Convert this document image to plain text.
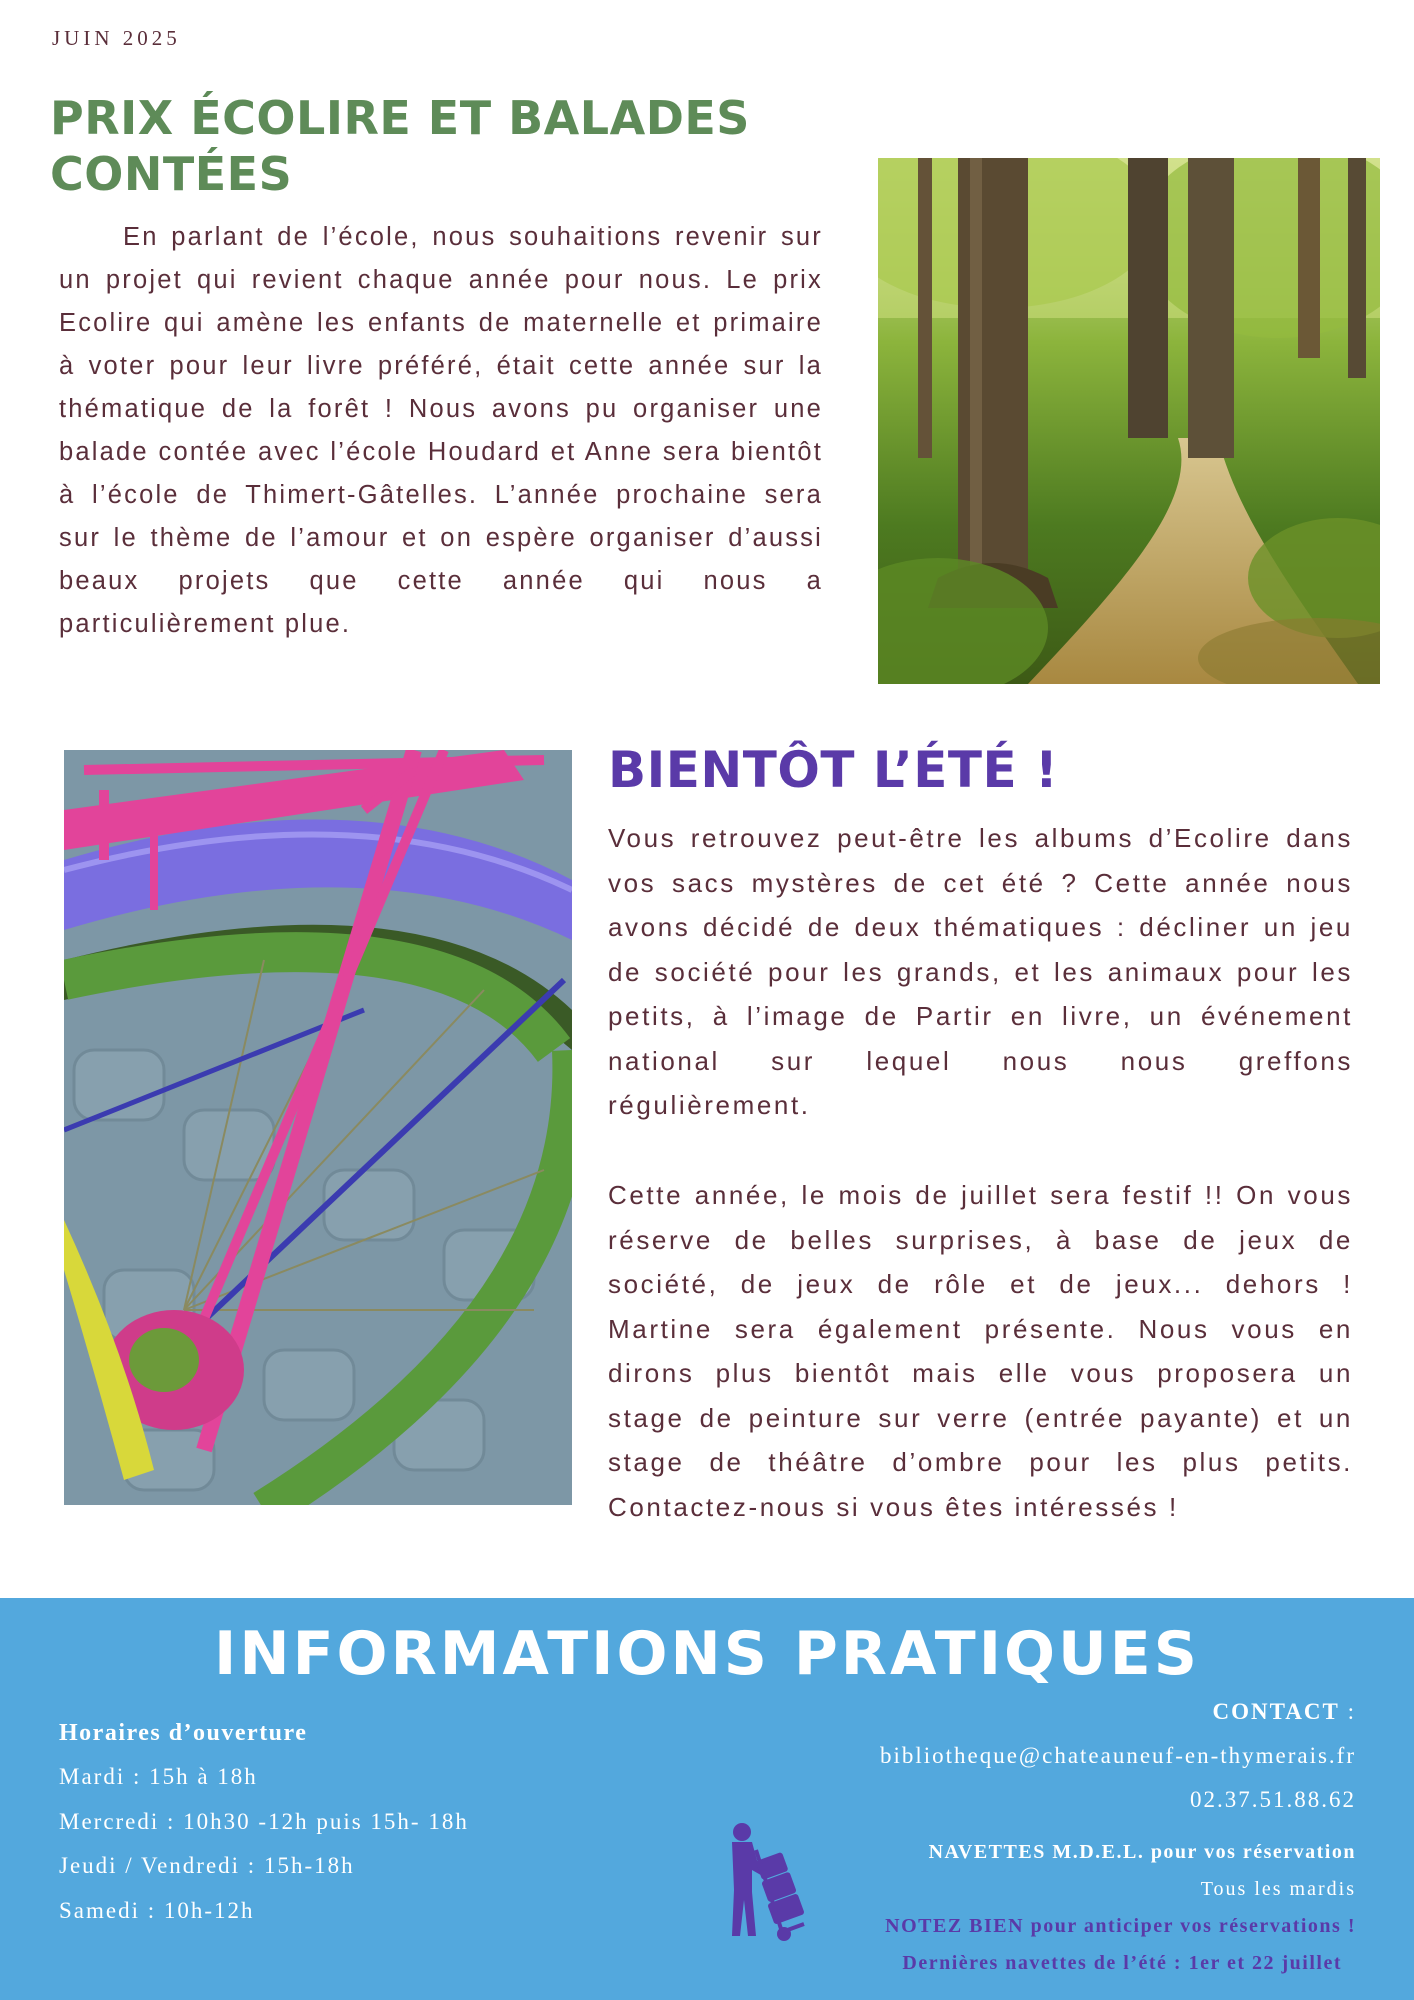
JUIN 2025
PRIX ÉCOLIRE ET BALADES
CONTÉES

En parlant de l’école, nous souhaitions revenir sur un projet qui revient chaque année pour nous. Le prix Ecolire qui amène les enfants de maternelle et primaire à voter pour leur livre préféré, était cette année sur la thématique de la forêt ! Nous avons pu organiser une balade contée avec l’école Houdard et Anne sera bientôt à l’école de Thimert-Gâtelles. L’année prochaine sera sur le thème de l’amour et on espère organiser d’aussi beaux projets que cette année qui nous a particulièrement plue.

BIENTÔT L’ÉTÉ !

Vous retrouvez peut-être les albums d’Ecolire dans vos sacs mystères de cet été ? Cette année nous avons décidé de deux thématiques : décliner un jeu de société pour les grands, et les animaux pour les petits, à l’image de Partir en livre, un événement national sur lequel nous nous greffons régulièrement.

Cette année, le mois de juillet sera festif !! On vous réserve de belles surprises, à base de jeux de société, de jeux de rôle et de jeux... dehors ! Martine sera également présente. Nous vous en dirons plus bientôt mais elle vous proposera un stage de peinture sur verre (entrée payante) et un stage de théâtre d’ombre pour les plus petits. Contactez-nous si vous êtes intéressés !

INFORMATIONS PRATIQUES
Horaires d’ouverture
Mardi : 15h à 18h
Mercredi : 10h30 -12h puis 15h- 18h
Jeudi / Vendredi : 15h-18h
Samedi : 10h-12h
CONTACT :
bibliotheque@chateauneuf-en-thymerais.fr
02.37.51.88.62
NAVETTES M.D.E.L. pour vos réservation
Tous les mardis
NOTEZ BIEN pour anticiper vos réservations !
Dernières navettes de l’été : 1er et 22 juillet
